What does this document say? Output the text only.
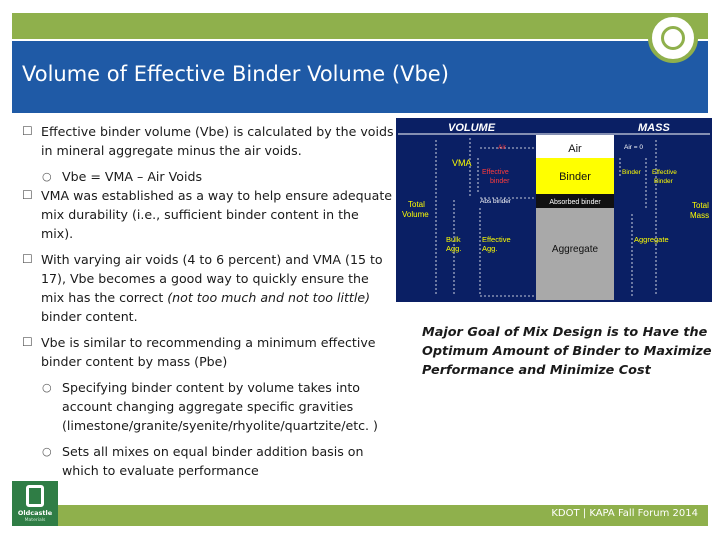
Volume of Effective Binder Volume (Vbe)
☐ Effective binder volume (Vbe) is calculated by the voids in mineral aggregate minus the air voids.
○ Vbe = VMA – Air Voids
☐ VMA was established as a way to help ensure adequate mix durability (i.e., sufficient binder content in the mix).
☐ With varying air voids (4 to 6 percent) and VMA (15 to 17), Vbe becomes a good way to quickly ensure the mix has the correct (not too much and not too little) binder content.
☐ Vbe is similar to recommending a minimum effective binder content by mass (Pbe)
○ Specifying binder content by volume takes into account changing aggregate specific gravities (limestone/granite/syenite/rhyolite/quartzite/etc. )
○ Sets all mixes on equal binder addition basis on which to evaluate performance
VOLUME	MASS
Air
Binder
Absorbed binder
Aggregate
Air
VMA
Effective
binder
Abs binder
Total
Volume
Bulk
Agg.
Effective
Agg.
Air = 0
Binder Effective
Binder
Aggregate
Total
Mass
Major Goal of Mix Design is to Have the Optimum Amount of Binder to Maximize Performance and Minimize Cost
KDOT | KAPA Fall Forum 2014
Oldcastle
Materials
